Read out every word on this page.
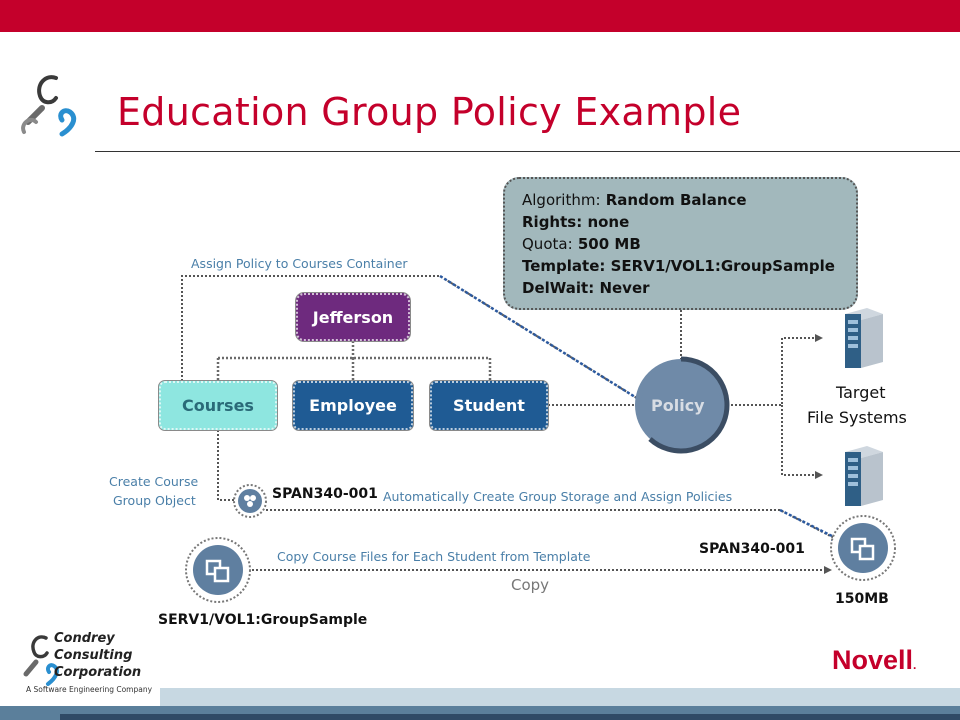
Education Group Policy Example
Jefferson
Courses	Employee	Student	Policy
Algorithm: Random Balance
Rights: none
Quota: 500 MB
Template: SERV1/VOL1:GroupSample
DelWait: Never
Assign Policy to Courses Container
Target
File Systems
Create Course
Group Object	SPAN340-001 Automatically Create Group Storage and Assign Policies
SPAN340-001
Copy Course Files for Each Student from Template
Copy
SERV1/VOL1:GroupSample
150MB
Condrey
Consulting
Corporation
A Software Engineering Company
Novell.
